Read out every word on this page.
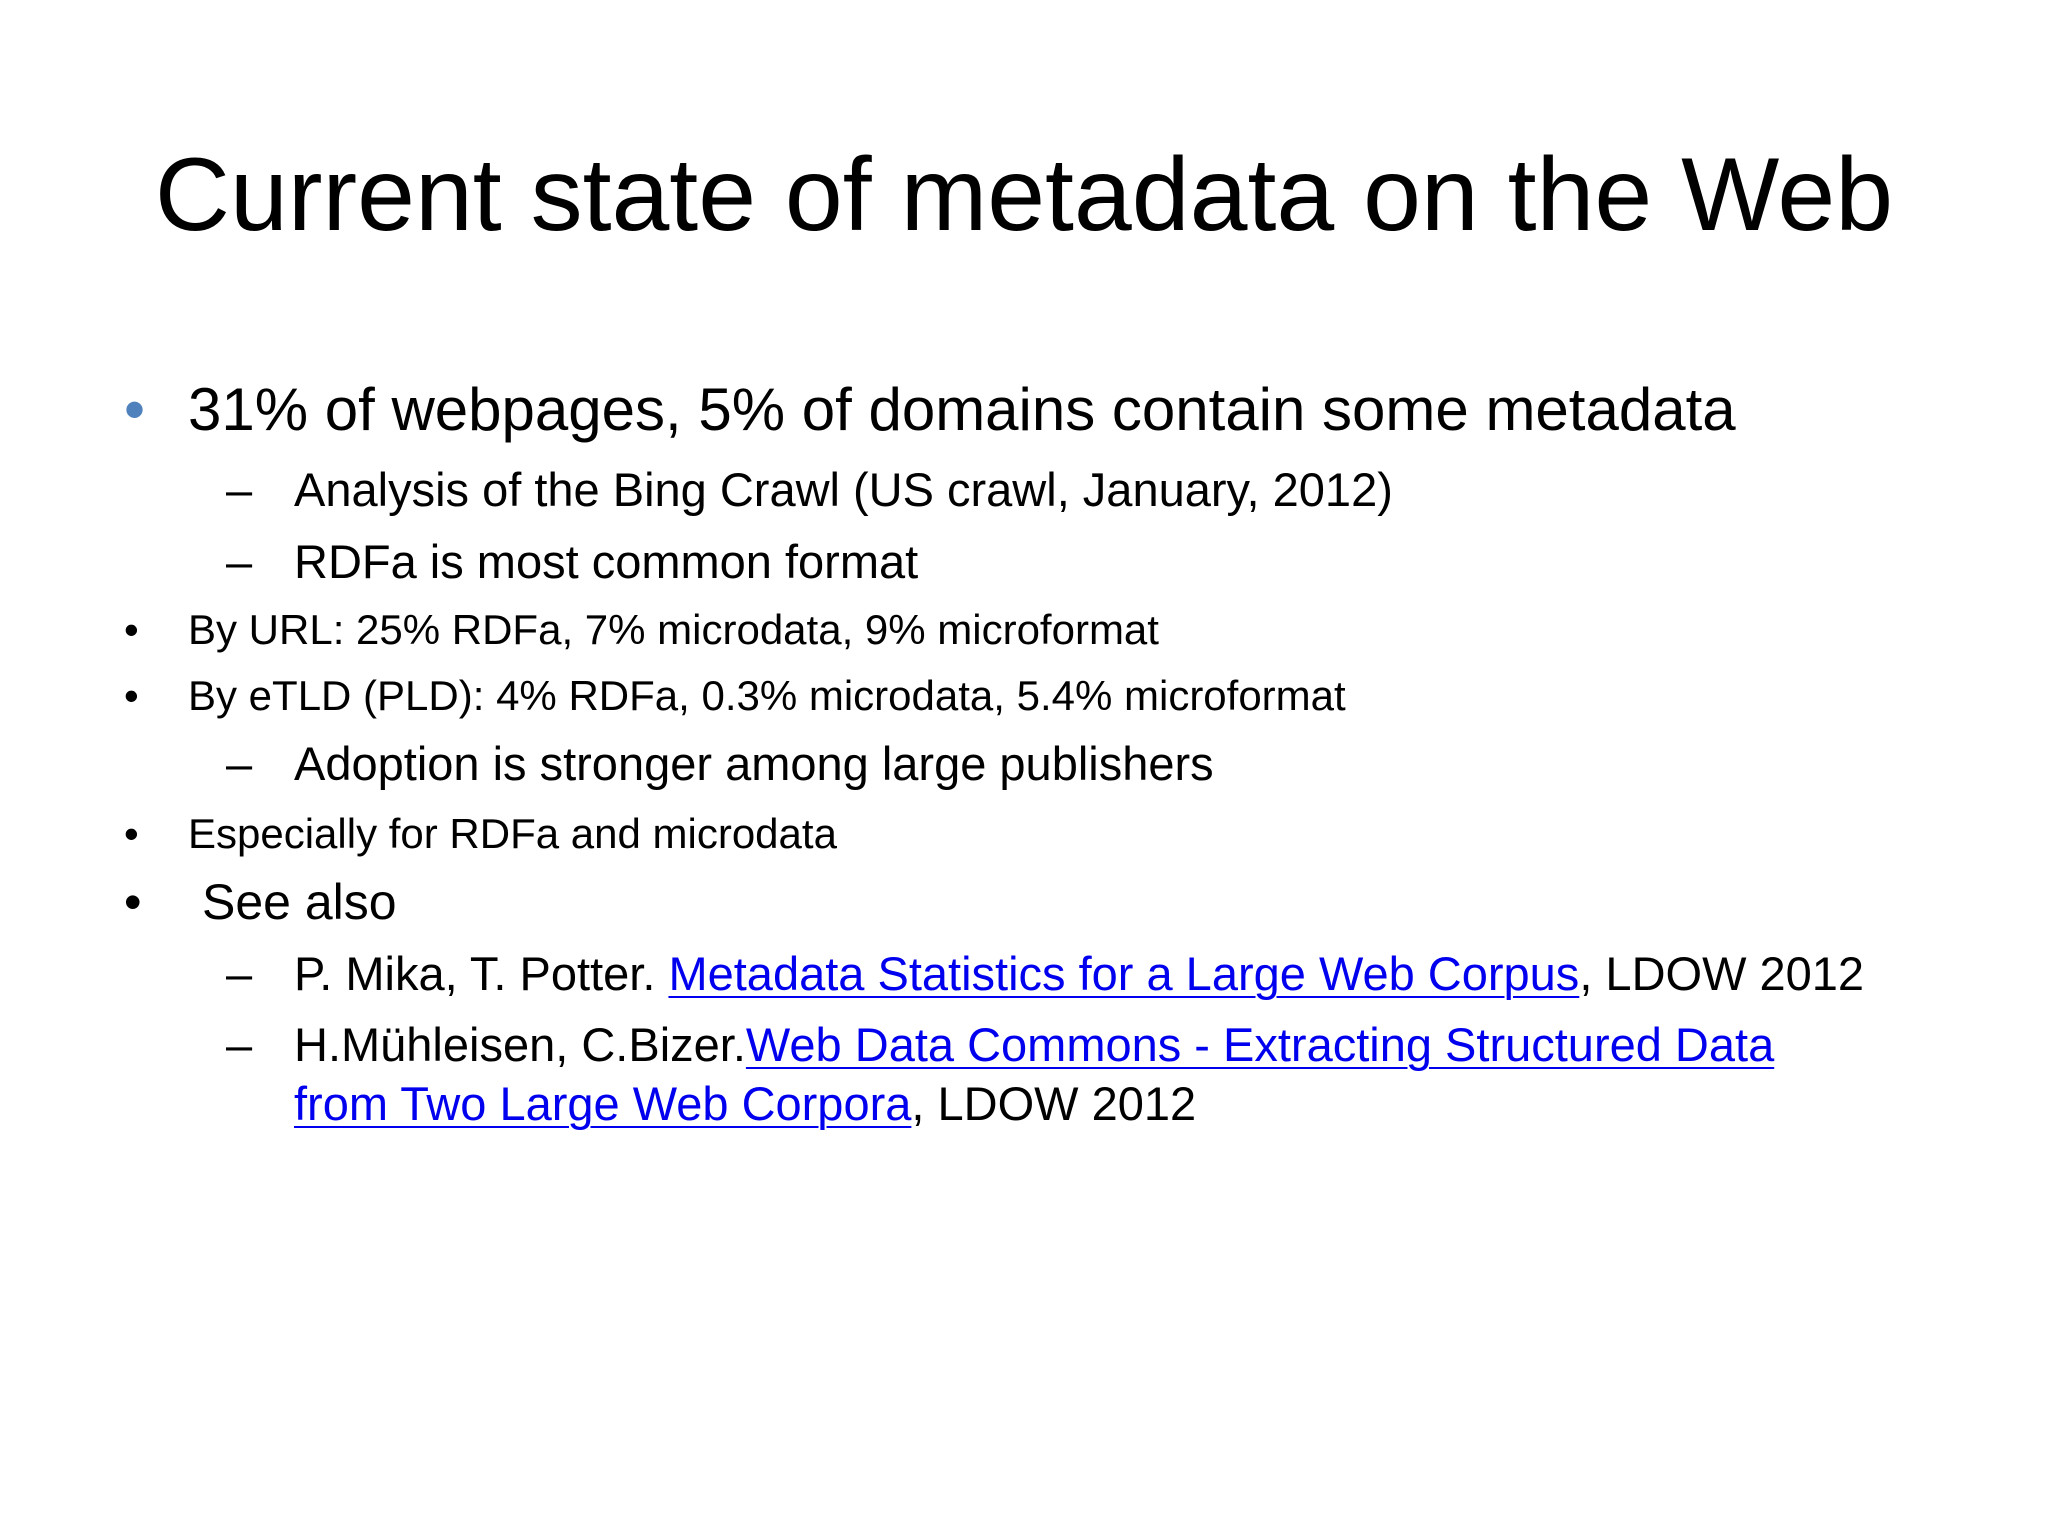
Current state of metadata on the Web
• 31% of webpages, 5% of domains contain some metadata
– Analysis of the Bing Crawl (US crawl, January, 2012)
– RDFa is most common format
• By URL: 25% RDFa, 7% microdata, 9% microformat
• By eTLD (PLD): 4% RDFa, 0.3% microdata, 5.4% microformat
– Adoption is stronger among large publishers
• Especially for RDFa and microdata
• See also
– P. Mika, T. Potter. Metadata Statistics for a Large Web Corpus, LDOW 2012
– H.Mühleisen, C.Bizer.Web Data Commons - Extracting Structured Data
from Two Large Web Corpora, LDOW 2012
